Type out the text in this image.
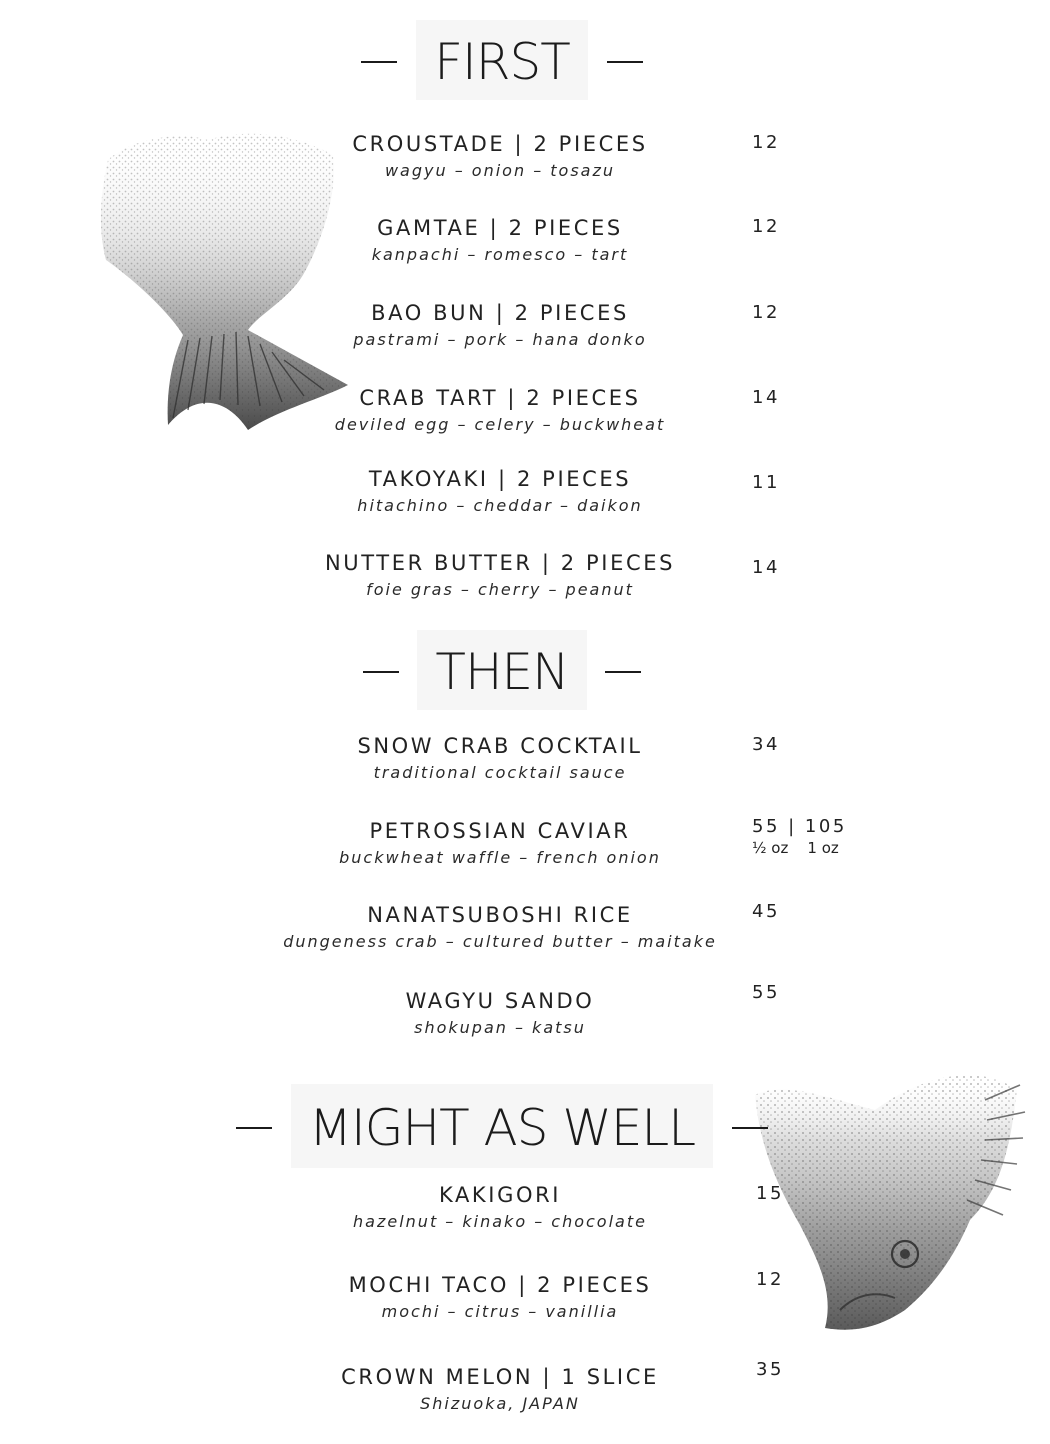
FIRST
CROUSTADE | 2 PIECES
wagyu – onion – tosazu
12
GAMTAE | 2 PIECES
kanpachi – romesco – tart
12
BAO BUN | 2 PIECES
pastrami – pork – hana donko
12
CRAB TART | 2 PIECES
deviled egg – celery – buckwheat
14
TAKOYAKI | 2 PIECES
hitachino – cheddar – daikon
11
NUTTER BUTTER | 2 PIECES
foie gras – cherry – peanut
14
THEN
SNOW CRAB COCKTAIL
traditional cocktail sauce
34
PETROSSIAN CAVIAR
buckwheat waffle – french onion
55 | 105
½ oz    1 oz
NANATSUBOSHI RICE
dungeness crab – cultured butter – maitake
45
WAGYU SANDO
shokupan – katsu
55
MIGHT AS WELL
KAKIGORI
hazelnut – kinako – chocolate
15
MOCHI TACO | 2 PIECES
mochi – citrus – vanillia
12
CROWN MELON | 1 SLICE
Shizuoka, JAPAN
35
